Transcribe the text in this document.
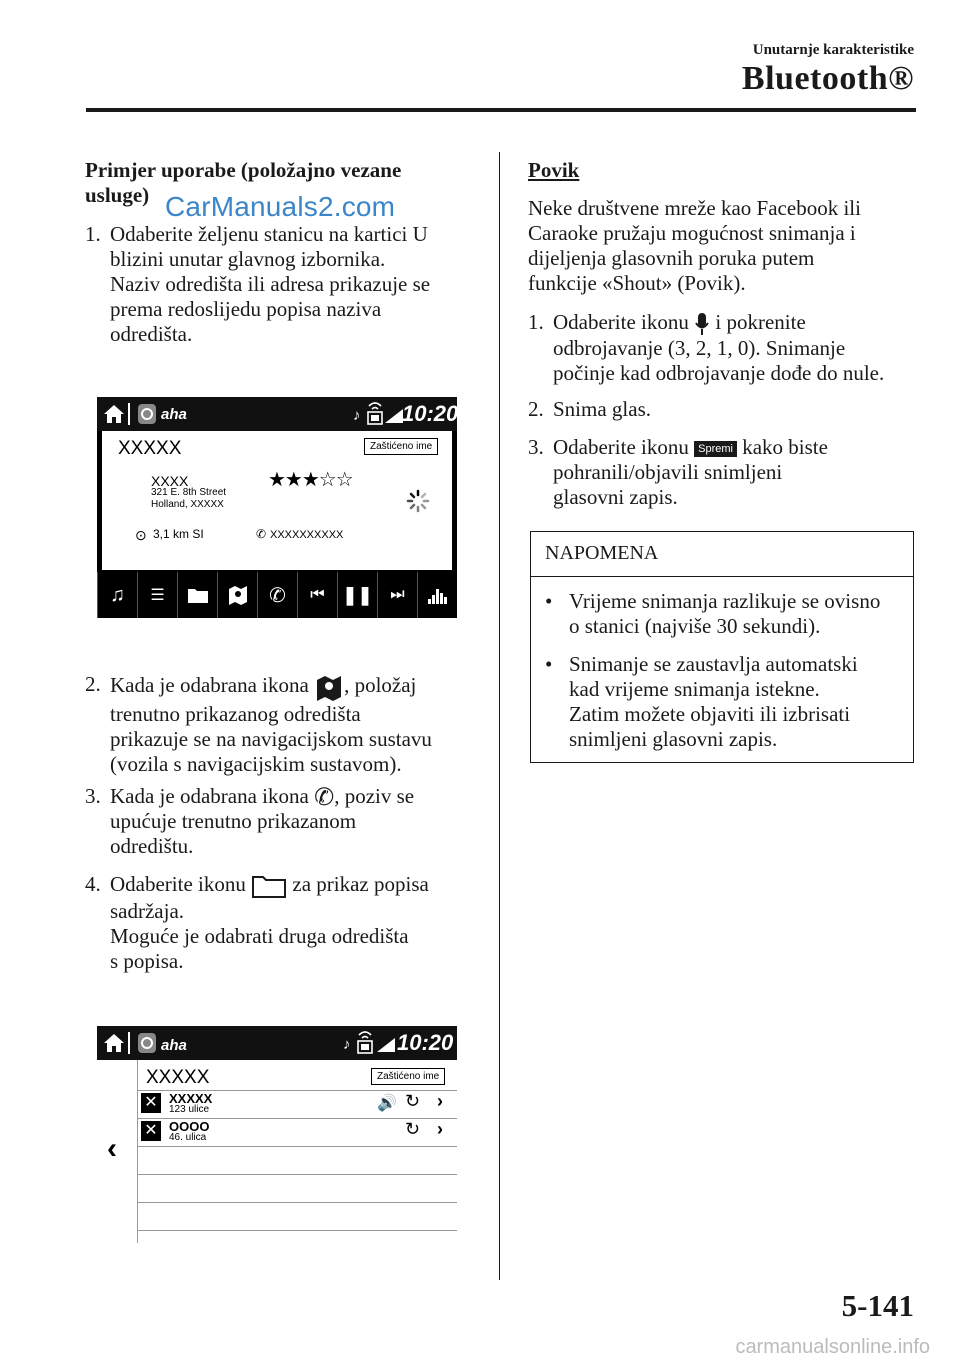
Unutarnje karakteristike
Bluetooth®
Primjer uporabe (položajno vezane usluge) CarManuals2.com
1. Odaberite željenu stanicu na kartici U
blizini unutar glavnog izbornika.
Naziv odredišta ili adresa prikazuje se
prema redoslijedu popisa naziva
odredišta.
aha	♪ 10:20
XXXXX	Zaštićeno ime
XXXX
321 E. 8th Street
Holland, XXXXX
★★★☆☆
⊙ 3,1 km SI	✆ XXXXXXXXXX
♫ ☰	✆ ⏮ ❚❚ ⏭
2. Kada je odabrana ikona , položaj
trenutno prikazanog odredišta
prikazuje se na navigacijskom sustavu
(vozila s navigacijskim sustavom).
3. Kada je odabrana ikona ✆, poziv se
upućuje trenutno prikazanom
odredištu.
4. Odaberite ikonu za prikaz popisa
sadržaja.
Moguće je odabrati druga odredišta
s popisa.
aha	♪ 10:20
‹
XXXXX	Zaštićeno ime
✕ XXXXX
123 ulice	🔊 ↻ ›
✕ OOOO
46. ulica	↻ ›
Povik
Neke društvene mreže kao Facebook ili
Caraoke pružaju mogućnost snimanja i
dijeljenja glasovnih poruka putem
funkcije «Shout» (Povik).
1. Odaberite ikonu i pokrenite
odbrojavanje (3, 2, 1, 0). Snimanje
počinje kad odbrojavanje dođe do nule.
2. Snima glas.
3. Odaberite ikonu Spremi kako biste
pohranili/objavili snimljeni
glasovni zapis.
NAPOMENA
• Vrijeme snimanja razlikuje se ovisno
o stanici (najviše 30 sekundi).
• Snimanje se zaustavlja automatski
kad vrijeme snimanja istekne.
Zatim možete objaviti ili izbrisati
snimljeni glasovni zapis.
5-141
carmanualsonline.info
